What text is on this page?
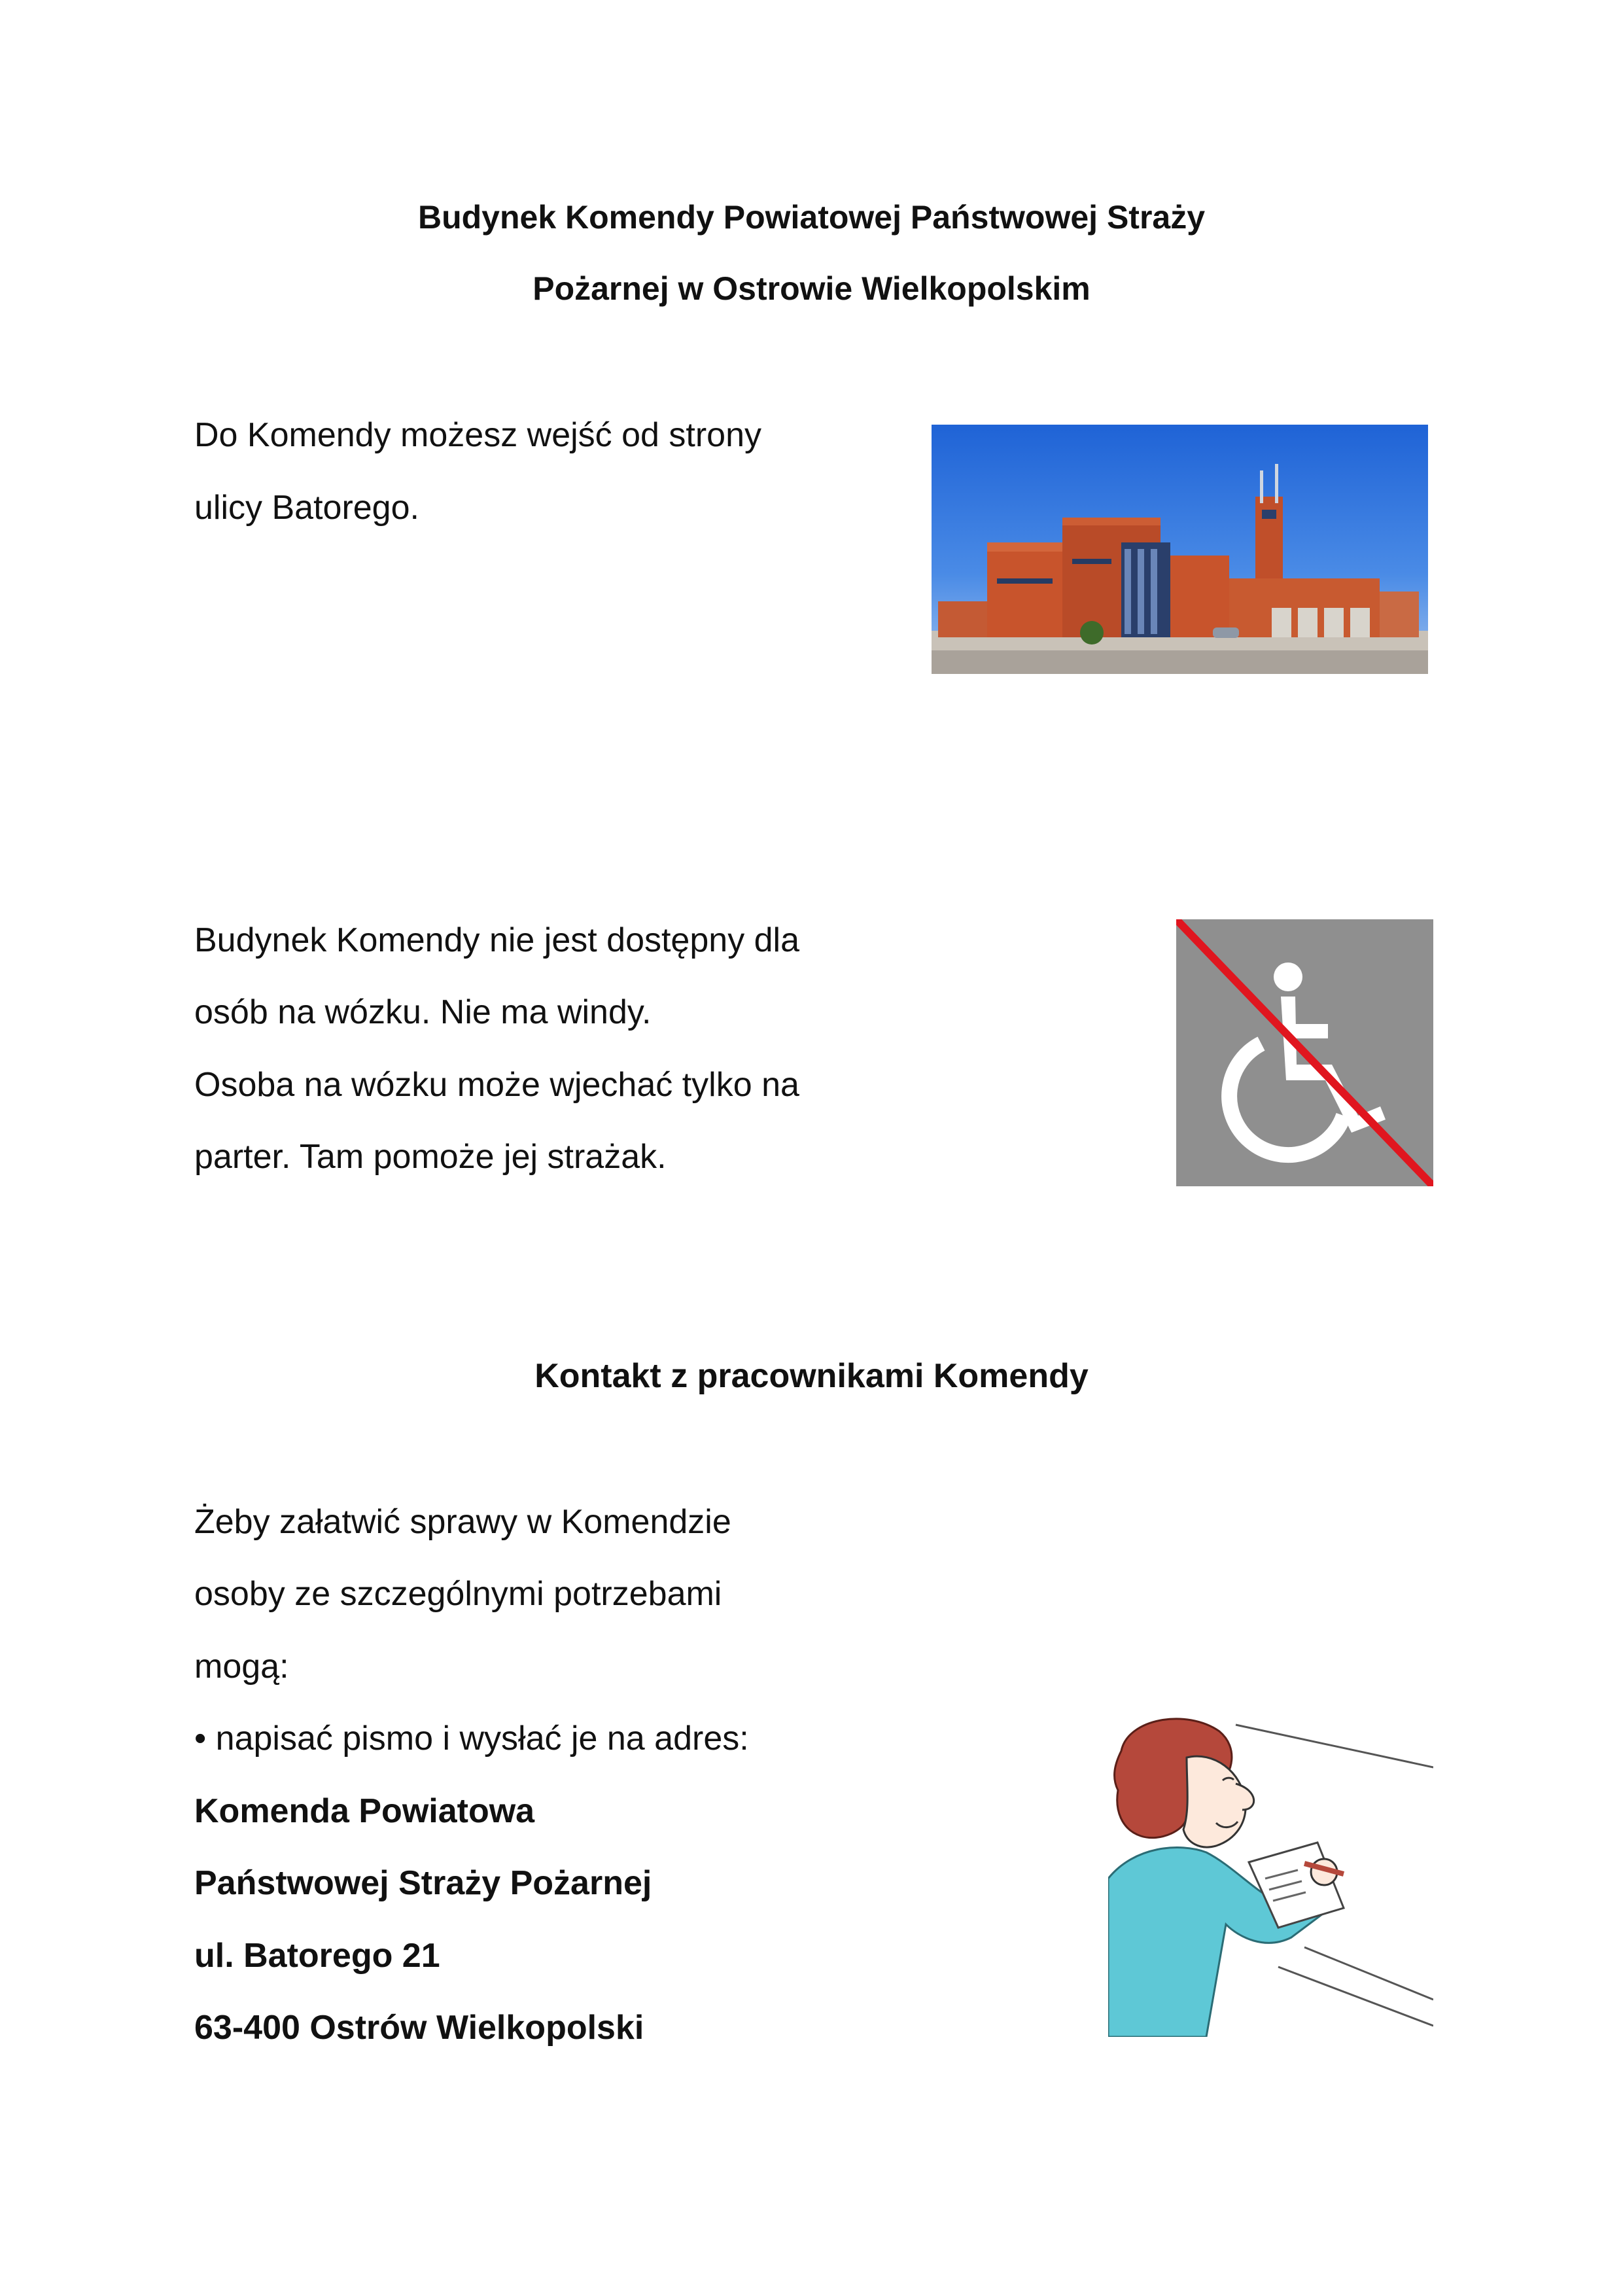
Budynek Komendy Powiatowej Państwowej Straży
Pożarnej w Ostrowie Wielkopolskim

Do Komendy możesz wejść od strony

ulicy Batorego.

Budynek Komendy nie jest dostępny dla

osób na wózku. Nie ma windy.

Osoba na wózku może wjechać tylko na

parter. Tam pomoże jej strażak.

Kontakt z pracownikami Komendy

Żeby załatwić sprawy w Komendzie

osoby ze szczególnymi potrzebami

mogą:

• napisać pismo i wysłać je na adres:

Komenda Powiatowa

Państwowej Straży Pożarnej

ul. Batorego 21

63-400 Ostrów Wielkopolski
